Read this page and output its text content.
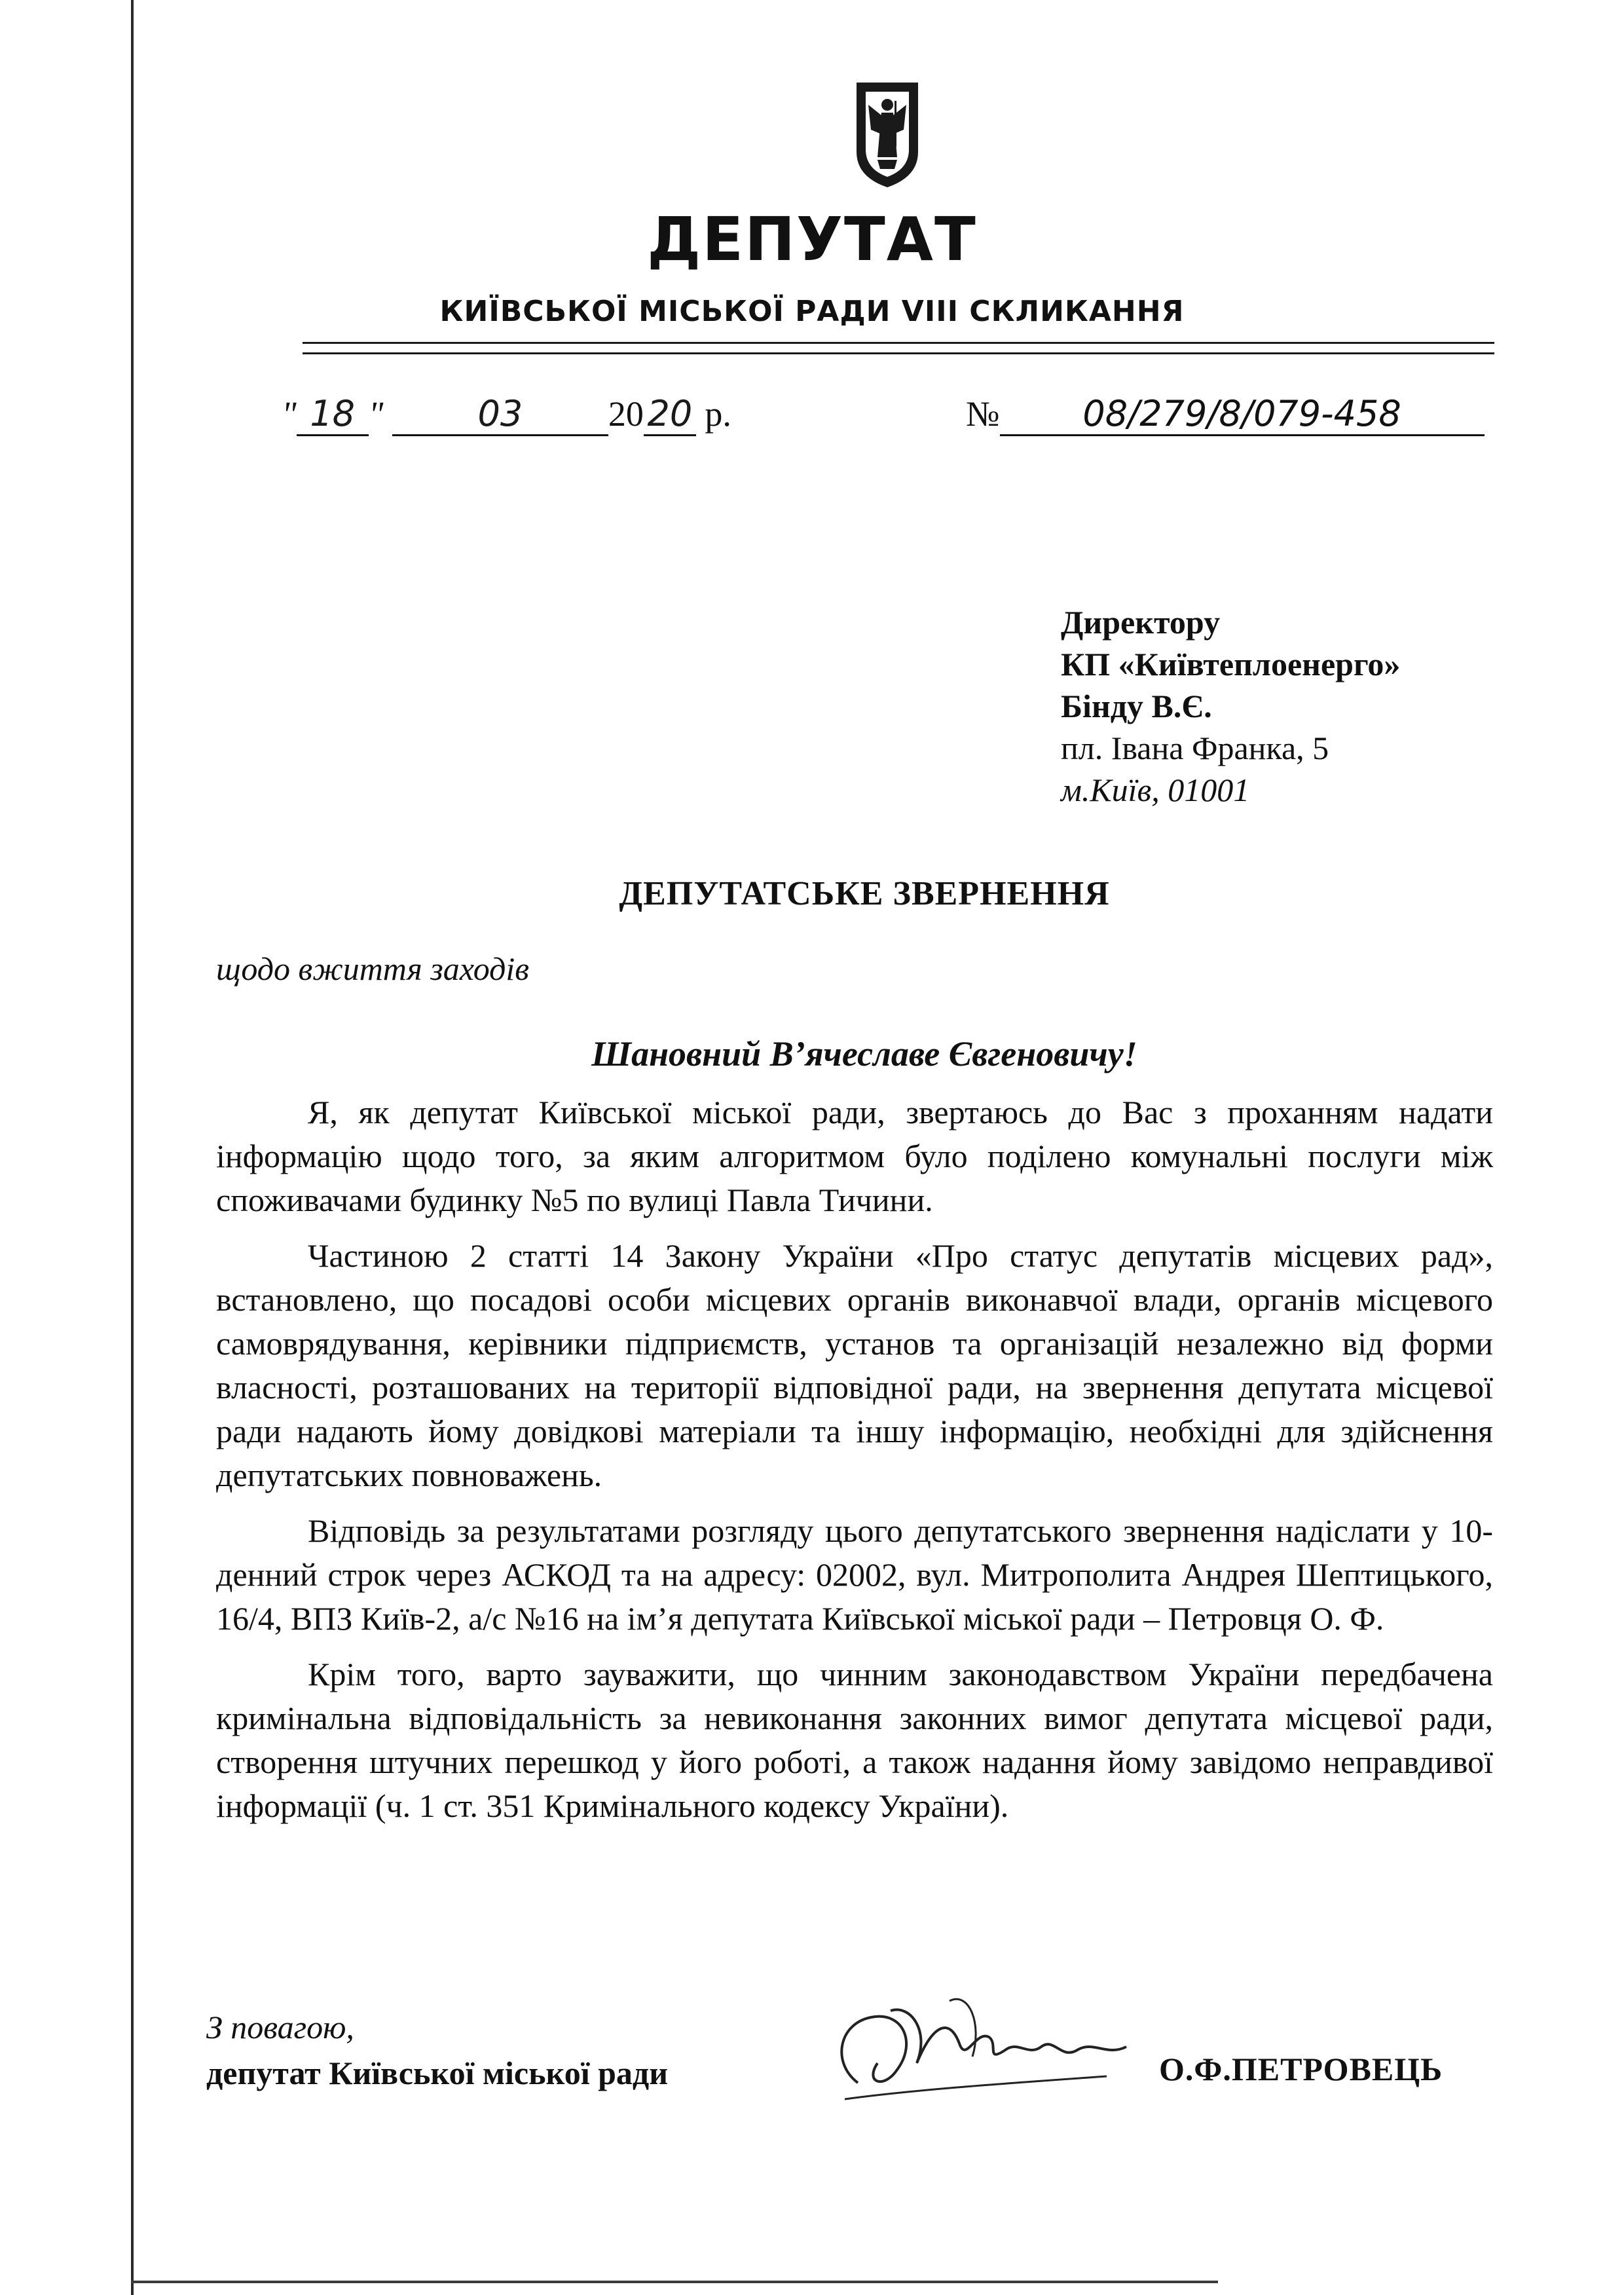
ДЕПУТАТ
КИЇВСЬКОЇ МІСЬКОЇ РАДИ VIII СКЛИКАННЯ
" 18 "	03 20 20 р.	№ 08/279/8/079-458
Директору
КП «Київтеплоенерго»
Бінду В.Є.
пл. Івана Франка, 5
м.Київ, 01001
ДЕПУТАТСЬКЕ ЗВЕРНЕННЯ
щодо вжиття заходів
Шановний В’ячеславе Євгеновичу!

Я, як депутат Київської міської ради, звертаюсь до Вас з проханням надати інформацію щодо того, за яким алгоритмом було поділено комунальні послуги між споживачами будинку №5 по вулиці Павла Тичини.

Частиною 2 статті 14 Закону України «Про статус депутатів місцевих рад», встановлено, що посадові особи місцевих органів виконавчої влади, органів місцевого самоврядування, керівники підприємств, установ та організацій незалежно від форми власності, розташованих на території відповідної ради, на звернення депутата місцевої ради надають йому довідкові матеріали та іншу інформацію, необхідні для здійснення депутатських повноважень.

Відповідь за результатами розгляду цього депутатського звернення надіслати у 10-денний строк через АСКОД та на адресу: 02002, вул. Митрополита Андрея Шептицького, 16/4, ВПЗ Київ-2, а/с №16 на ім’я депутата Київської міської ради – Петровця О. Ф.

Крім того, варто зауважити, що чинним законодавством України передбачена кримінальна відповідальність за невиконання законних вимог депутата місцевої ради, створення штучних перешкод у його роботі, а також надання йому завідомо неправдивої інформації (ч. 1 ст. 351 Кримінального кодексу України).

З повагою,
депутат Київської міської ради	О.Ф.ПЕТРОВЕЦЬ
